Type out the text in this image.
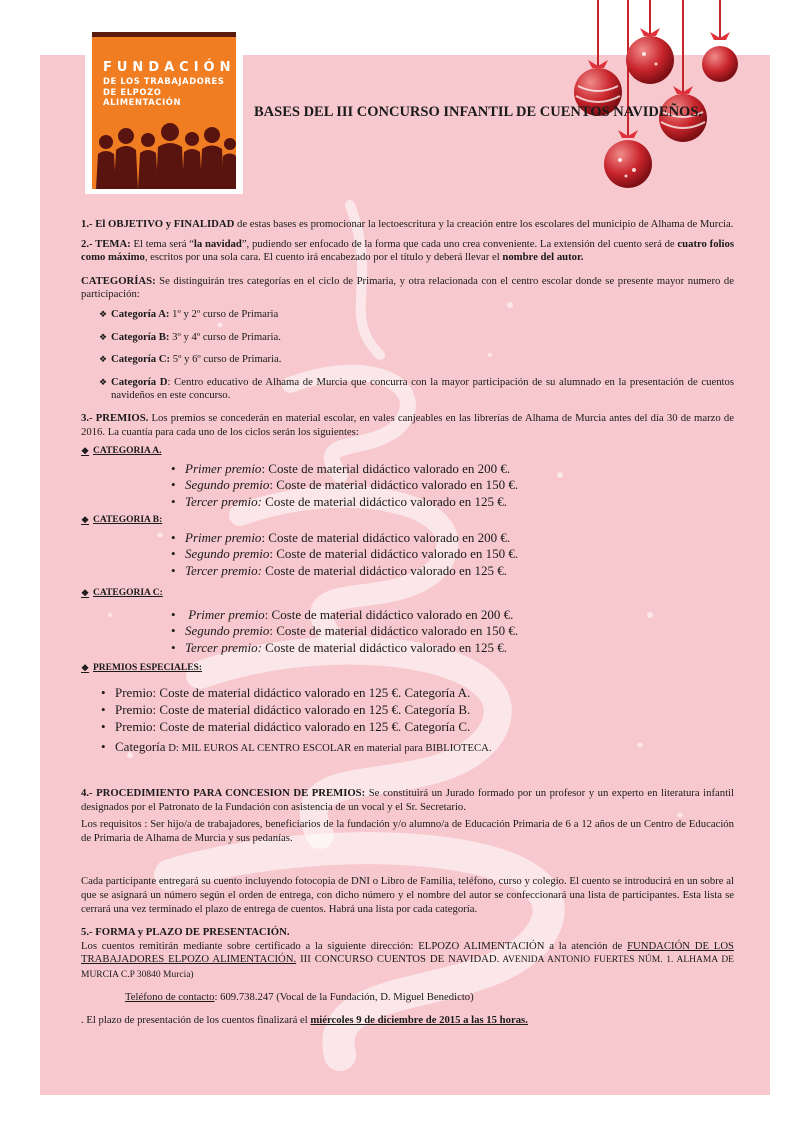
FUNDACIÓN
DE LOS TRABAJADORES
DE ELPOZO ALIMENTACIÓN
BASES DEL III CONCURSO INFANTIL DE CUENTOS NAVIDEÑOS.

1.- El OBJETIVO y FINALIDAD de estas bases es promocionar la lectoescritura y la creación entre los escolares del municipio de Alhama de Murcia.

2.- TEMA: El tema será “la navidad”, pudiendo ser enfocado de la forma que cada uno crea conveniente. La extensión del cuento será de cuatro folios como máximo, escritos por una sola cara. El cuento irá encabezado por el título y deberá llevar el nombre del autor.

CATEGORÍAS: Se distinguirán tres categorías en el ciclo de Primaria, y otra relacionada con el centro escolar donde se presente mayor numero de participación:

❖ Categoría A: 1º y 2º curso de Primaria
❖ Categoría B: 3º y 4º curso de Primaria.
❖ Categoría C: 5º y 6º curso de Primaria.
❖ Categoría D: Centro educativo de Alhama de Murcia que concurra con la mayor participación de su alumnado en la presentación de cuentos navideños en este concurso.

3.- PREMIOS. Los premios se concederán en material escolar, en vales canjeables en las librerías de Alhama de Murcia antes del día 30 de marzo de 2016. La cuantía para cada uno de los ciclos serán los siguientes:

❖ CATEGORIA A.
• Primer premio: Coste de material didáctico valorado en 200 €.
• Segundo premio: Coste de material didáctico valorado en 150 €.
• Tercer premio: Coste de material didáctico valorado en 125 €.
❖ CATEGORIA B:
• Primer premio: Coste de material didáctico valorado en 200 €.
• Segundo premio: Coste de material didáctico valorado en 150 €.
• Tercer premio: Coste de material didáctico valorado en 125 €.
❖ CATEGORIA C:
• Primer premio: Coste de material didáctico valorado en 200 €.
• Segundo premio: Coste de material didáctico valorado en 150 €.
• Tercer premio: Coste de material didáctico valorado en 125 €.
❖ PREMIOS ESPECIALES:
• Premio: Coste de material didáctico valorado en 125 €. Categoría A.
• Premio: Coste de material didáctico valorado en 125 €. Categoría B.
• Premio: Coste de material didáctico valorado en 125 €. Categoría C.
• Categoría D: MIL EUROS AL CENTRO ESCOLAR en material para BIBLIOTECA.

4.- PROCEDIMIENTO PARA CONCESION DE PREMIOS: Se constituirá un Jurado formado por un profesor y un experto en literatura infantil designados por el Patronato de la Fundación con asistencia de un vocal y el Sr. Secretario.

Los requisitos : Ser hijo/a de trabajadores, beneficiarios de la fundación y/o alumno/a de Educación Primaria de 6 a 12 años de un Centro de Educación de Primaria de Alhama de Murcia y sus pedanías.

Cada participante entregará su cuento incluyendo fotocopia de DNI o Libro de Familia, teléfono, curso y colegio. El cuento se introducirá en un sobre al que se asignará un número según el orden de entrega, con dicho número y el nombre del autor se confeccionará una lista de participantes. Esta lista se cerrará una vez terminado el plazo de entrega de cuentos. Habrá una lista por cada categoría.

5.- FORMA y PLAZO DE PRESENTACIÓN.
Los cuentos remitirán mediante sobre certificado a la siguiente dirección: ELPOZO ALIMENTACIÓN a la atención de FUNDACIÓN DE LOS TRABAJADORES ELPOZO ALIMENTACIÓN. III CONCURSO CUENTOS DE NAVIDAD. AVENIDA ANTONIO FUERTES NÚM. 1. ALHAMA DE MURCIA C.P 30840 Murcia)

Teléfono de contacto: 609.738.247 (Vocal de la Fundación, D. Miguel Benedicto)

. El plazo de presentación de los cuentos finalizará el miércoles 9 de diciembre de 2015 a las 15 horas.
